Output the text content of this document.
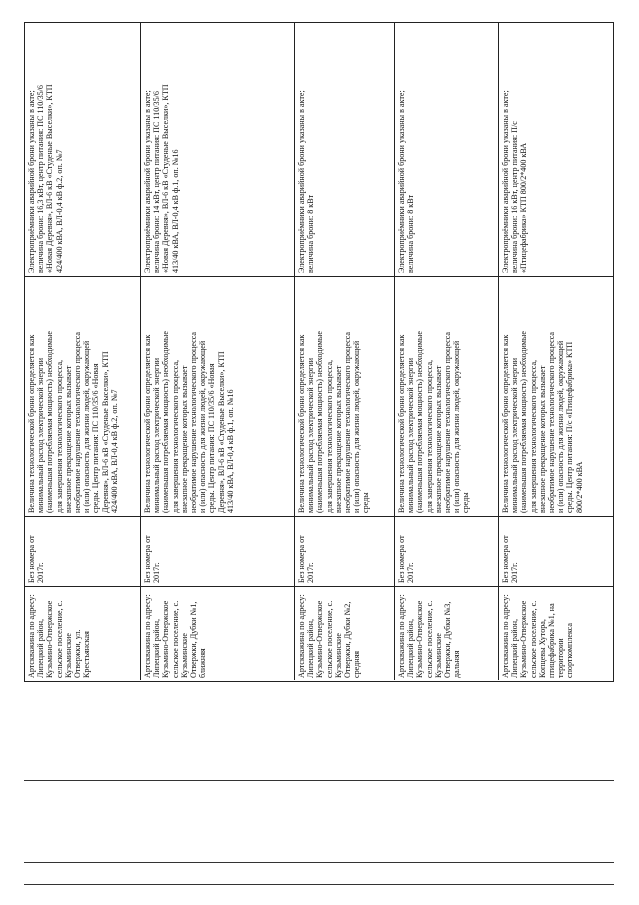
Электроприёмники аварийной брони указаны в акте;
величина брони: 16,3 кВт, центр питания: ПС 110/35/6
«Новая Деревня», ВЛ-6 кВ «Студеные Выселки», КТП
424/400 кВА, ВЛ-0,4 кВ ф.2, оп. №7
Величина технологической брони определяется как
минимальный расход электрической энергии
(наименьшая потребляемая мощность) необходимые
для завершения технологического процесса,
внезапное прекращение которых вызывает
необратимое нарушение технологического процесса
и (или) опасность для жизни людей, окружающей
среды. Центр питания: ПС 110/35/6 «Новая
Деревня», ВЛ-6 кВ «Студеные Выселки», КТП
424/400 кВА, ВЛ-0,4 кВ ф.2, оп. №7
Без номера от
2017г.
Артскважина по адресу:
Липецкий район,
Кузьмино-Отвержское
сельское поселение, с.
Кузьминские
Отвержки, ул.
Крестьянская
Электроприёмники аварийной брони указаны в акте;
величина брони: 14 кВт, центр питания: ПС 110/35/6
«Новая Деревня», ВЛ-6 кВ «Студеные Выселки», КТП
413/40 кВА, ВЛ-0,4 кВ ф.1, оп. №16
Величина технологической брони определяется как
минимальный расход электрической энергии
(наименьшая потребляемая мощность) необходимые
для завершения технологического процесса,
внезапное прекращение которых вызывает
необратимое нарушение технологического процесса
и (или) опасность для жизни людей, окружающей
среды. Центр питания: ПС 110/35/6 «Новая
Деревня», ВЛ-6 кВ «Студеные Выселки», КТП
413/40 кВА, ВЛ-0,4 кВ ф.1, оп. №16
Без номера от
2017г.
Артскважина по адресу:
Липецкий район,
Кузьмино-Отвержское
сельское поселение, с.
Кузьминские
Отвержки, Дубки №1,
ближняя
Электроприёмники аварийной брони указаны в акте;
величина брони: 8 кВт
Величина технологической брони определяется как
минимальный расход электрической энергии
(наименьшая потребляемая мощность) необходимые
для завершения технологического процесса,
внезапное прекращение которых вызывает
необратимое нарушение технологического процесса
и (или) опасность для жизни людей, окружающей
среды
Без номера от
2017г.
Артскважина по адресу:
Липецкий район,
Кузьмино-Отвержское
сельское поселение, с.
Кузьминские
Отвержки, Дубки №2,
средняя
Электроприёмники аварийной брони указаны в акте;
величина брони: 8 кВт
Величина технологической брони определяется как
минимальный расход электрической энергии
(наименьшая потребляемая мощность) необходимые
для завершения технологического процесса,
внезапное прекращение которых вызывает
необратимое нарушение технологического процесса
и (или) опасность для жизни людей, окружающей
среды
Без номера от
2017г.
Артскважина по адресу:
Липецкий район,
Кузьмино-Отвержское
сельское поселение, с.
Кузьминские
Отвержки, Дубки №3,
дальняя
Электроприёмники аварийной брони указаны в акте;
величина брони: 16 кВт, центр питания: П/с
«Птицефабрика» КТП 800/2*400 кВА
Величина технологической брони определяется как
минимальный расход электрической энергии
(наименьшая потребляемая мощность) необходимые
для завершения технологического процесса,
внезапное прекращение которых вызывает
необратимое нарушение технологического процесса
и (или) опасность для жизни людей, окружающей
среды. Центр питания: П/с «Птицефабрика» КТП
800/2*400 кВА
Без номера от
2017г.
Артскважина по адресу:
Липецкий район,
Кузьмино-Отвержское
сельское поселение, с.
Копцевы Хутора,
птицефабрика №1, на
территории
спорткомплекса
